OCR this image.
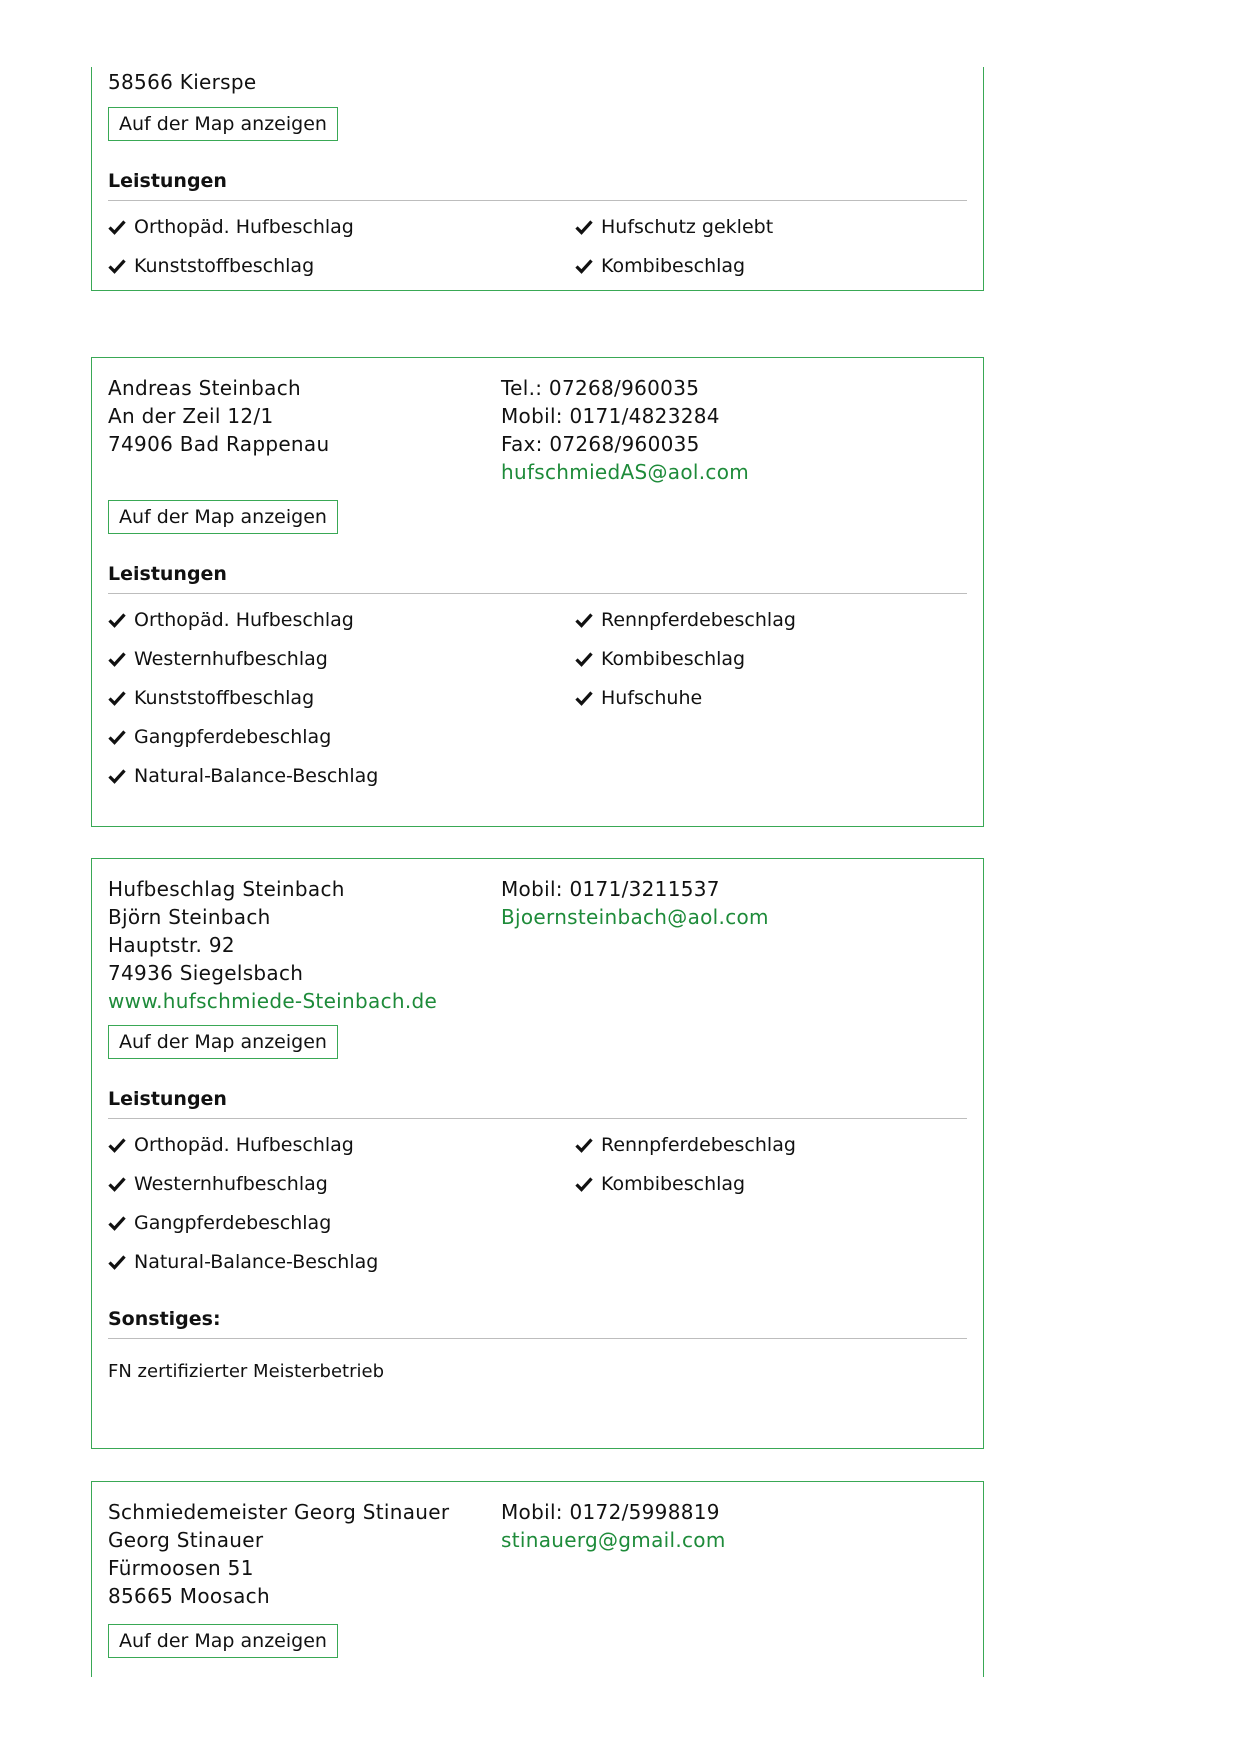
58566 Kierspe
Auf der Map anzeigen
Leistungen
Orthopäd. Hufbeschlag
Kunststoffbeschlag
Hufschutz geklebt
Kombibeschlag
Andreas Steinbach
An der Zeil 12/1
74906 Bad Rappenau
Tel.: 07268/960035
Mobil: 0171/4823284
Fax: 07268/960035
hufschmiedAS@aol.com
Auf der Map anzeigen
Leistungen
Orthopäd. Hufbeschlag
Westernhufbeschlag
Kunststoffbeschlag
Gangpferdebeschlag
Natural-Balance-Beschlag
Rennpferdebeschlag
Kombibeschlag
Hufschuhe
Hufbeschlag Steinbach
Björn Steinbach
Hauptstr. 92
74936 Siegelsbach
www.hufschmiede-Steinbach.de
Mobil: 0171/3211537
Bjoernsteinbach@aol.com
Auf der Map anzeigen
Leistungen
Orthopäd. Hufbeschlag
Westernhufbeschlag
Gangpferdebeschlag
Natural-Balance-Beschlag
Rennpferdebeschlag
Kombibeschlag
Sonstiges:
FN zertifizierter Meisterbetrieb
Schmiedemeister Georg Stinauer
Georg Stinauer
Fürmoosen 51
85665 Moosach
Mobil: 0172/5998819
stinauerg@gmail.com
Auf der Map anzeigen
